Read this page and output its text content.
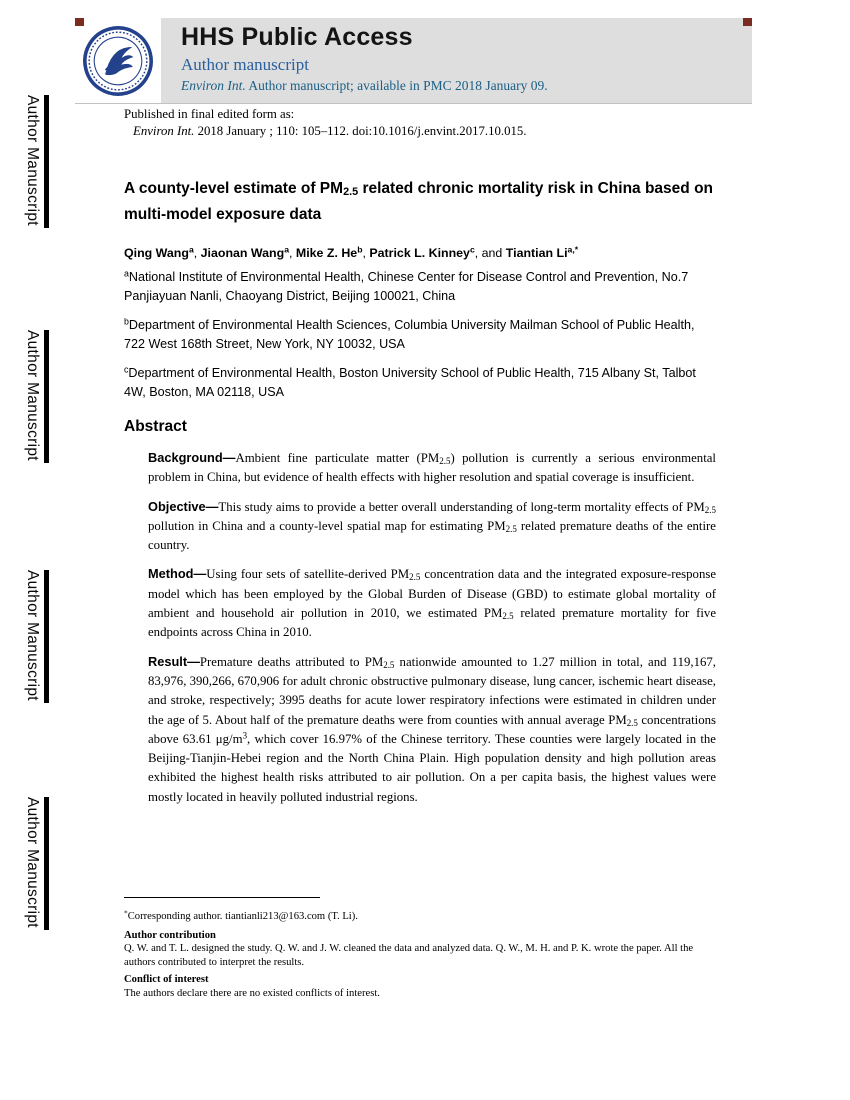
Author Manuscript
Author Manuscript
Author Manuscript
Author Manuscript
HHS Public Access
Author manuscript
Environ Int. Author manuscript; available in PMC 2018 January 09.
Published in final edited form as:
Environ Int. 2018 January ; 110: 105–112. doi:10.1016/j.envint.2017.10.015.
A county-level estimate of $PM_{2.5}$ related chronic mortality risk in China based on multi-model exposure data
Qing Wang$^a$, Jiaonan Wang$^a$, Mike Z. He$^b$, Patrick L. Kinney$^c$, and Tiantian $Li^{a,*}$

$^a$National Institute of Environmental Health, Chinese Center for Disease Control and Prevention, No.7 Panjiayuan Nanli, Chaoyang District, Beijing 100021, China

$^b$Department of Environmental Health Sciences, Columbia University Mailman School of Public Health, 722 West 168th Street, New York, NY 10032, USA

$^c$Department of Environmental Health, Boston University School of Public Health, 715 Albany St, Talbot 4W, Boston, MA 02118, USA

Abstract

Background—Ambient fine particulate matter $(PM_{2.5})$ pollution is currently a serious environmental problem in China, but evidence of health effects with higher resolution and spatial coverage is insufficient.

Objective—This study aims to provide a better overall understanding of long-term mortality effects of $PM_{2.5}$ pollution in China and a county-level spatial map for estimating $PM_{2.5}$ related premature deaths of the entire country.

Method—Using four sets of satellite-derived $PM_{2.5}$ concentration data and the integrated exposure-response model which has been employed by the Global Burden of Disease (GBD) to estimate global mortality of ambient and household air pollution in 2010, we estimated $PM_{2.5}$ related premature mortality for five endpoints across China in 2010.

Result—Premature deaths attributed to $PM_{2.5}$ nationwide amounted to 1.27 million in total, and 119,167, 83,976, 390,266, 670,906 for adult chronic obstructive pulmonary disease, lung cancer, ischemic heart disease, and stroke, respectively; 3995 deaths for acute lower respiratory infections were estimated in children under the age of 5. About half of the premature deaths were from counties with annual average $PM_{2.5}$ concentrations above 63.61 $\mu g/m^3$, which cover 16.97% of the Chinese territory. These counties were largely located in the Beijing-Tianjin-Hebei region and the North China Plain. High population density and high pollution areas exhibited the highest health risks attributed to air pollution. On a per capita basis, the highest values were mostly located in heavily polluted industrial regions.

*Corresponding author. tiantianli213@163.com (T. Li).

Author contribution

Q. W. and T. L. designed the study. Q. W. and J. W. cleaned the data and analyzed data. Q. W., M. H. and P. K. wrote the paper. All the authors contributed to interpret the results.

Conflict of interest

The authors declare there are no existed conflicts of interest.
